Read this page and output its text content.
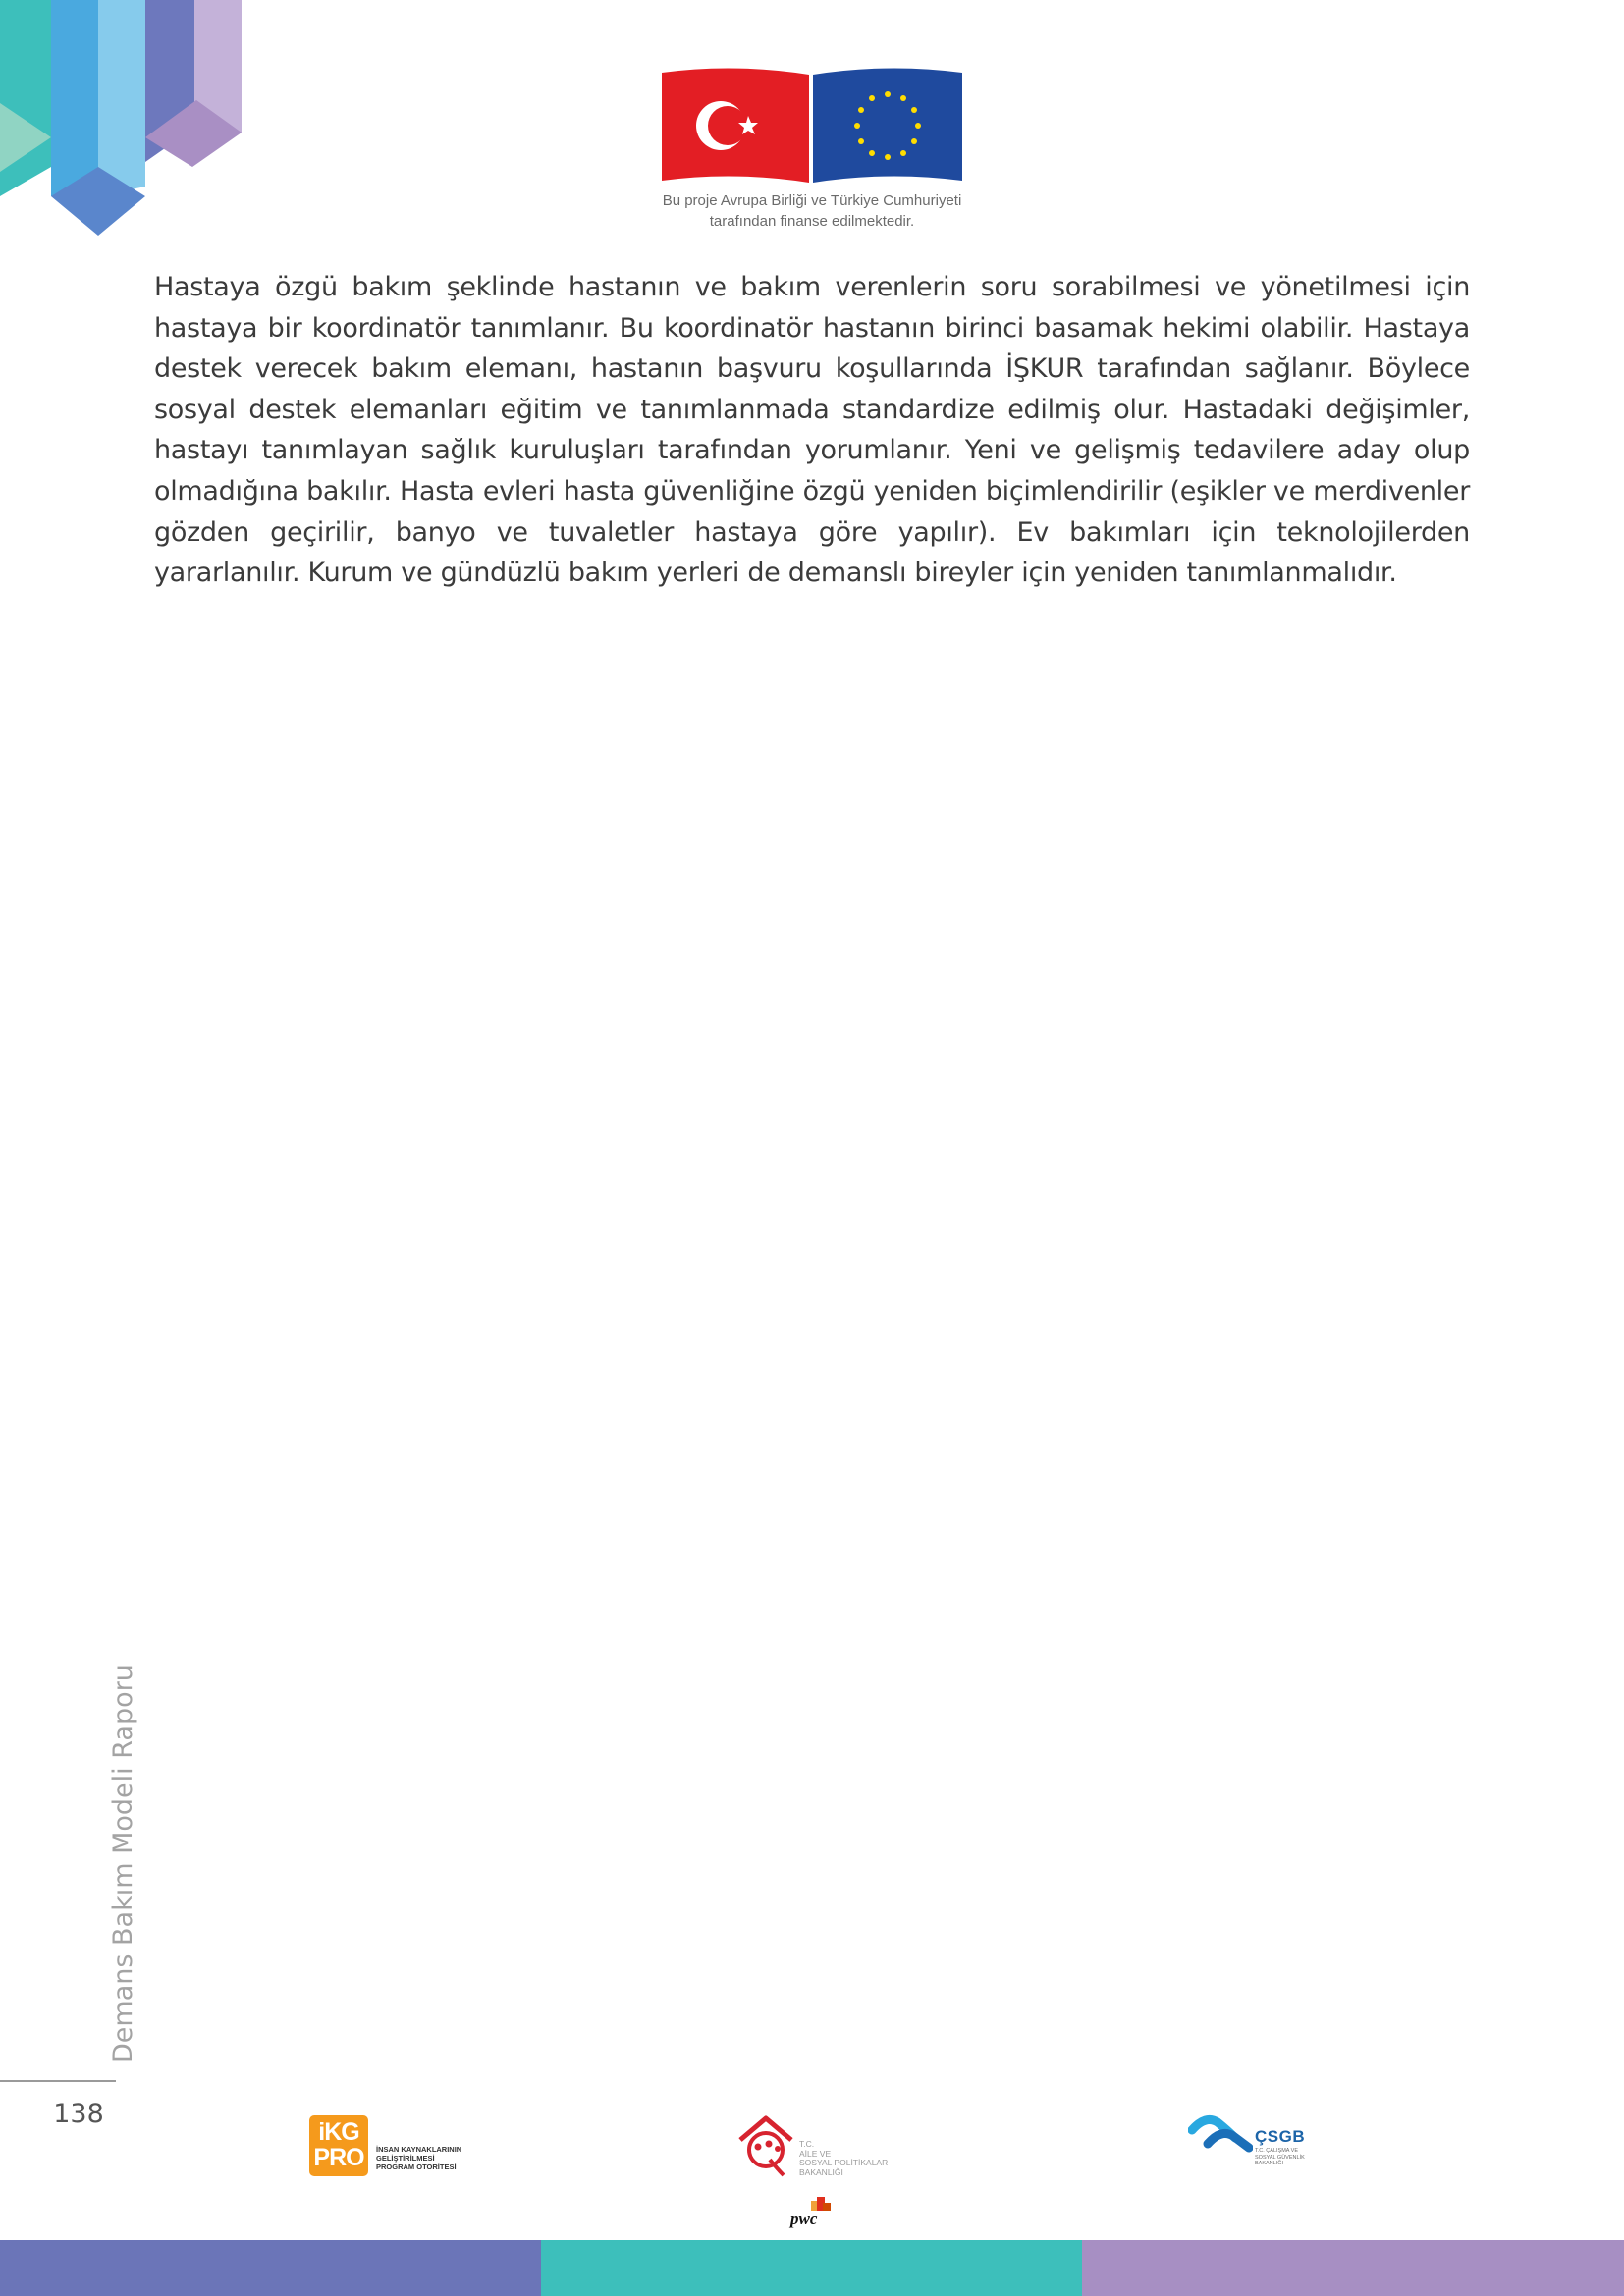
Bu proje Avrupa Birliği ve Türkiye Cumhuriyeti
tarafından finanse edilmektedir.

Hastaya özgü bakım şeklinde hastanın ve bakım verenlerin soru sorabilmesi ve yönetilmesi için hastaya bir koordinatör tanımlanır. Bu koordinatör hastanın birinci basamak hekimi olabilir. Hastaya destek verecek bakım elemanı, hastanın başvuru koşullarında İŞKUR tarafından sağlanır. Böylece sosyal destek elemanları eğitim ve tanımlanmada standardize edilmiş olur. Hastadaki değişimler, hastayı tanımlayan sağlık kuruluşları tarafından yorumlanır. Yeni ve gelişmiş tedavilere aday olup olmadığına bakılır. Hasta evleri hasta güvenliğine özgü yeniden biçimlendirilir (eşikler ve merdivenler gözden geçirilir, banyo ve tuvaletler hastaya göre yapılır). Ev bakımları için teknolojilerden yararlanılır. Kurum ve gündüzlü bakım yerleri de demanslı bireyler için yeniden tanımlanmalıdır.

Demans Bakım Modeli Raporu
138
iKG
PRO	İNSAN KAYNAKLARININ
GELİŞTİRİLMESİ
PROGRAM OTORİTESİ
T.C.
AİLE VE
SOSYAL POLİTİKALAR
BAKANLIĞI
pwc
ÇSGB
T.C. ÇALIŞMA VE
SOSYAL GÜVENLİK
BAKANLIĞI
